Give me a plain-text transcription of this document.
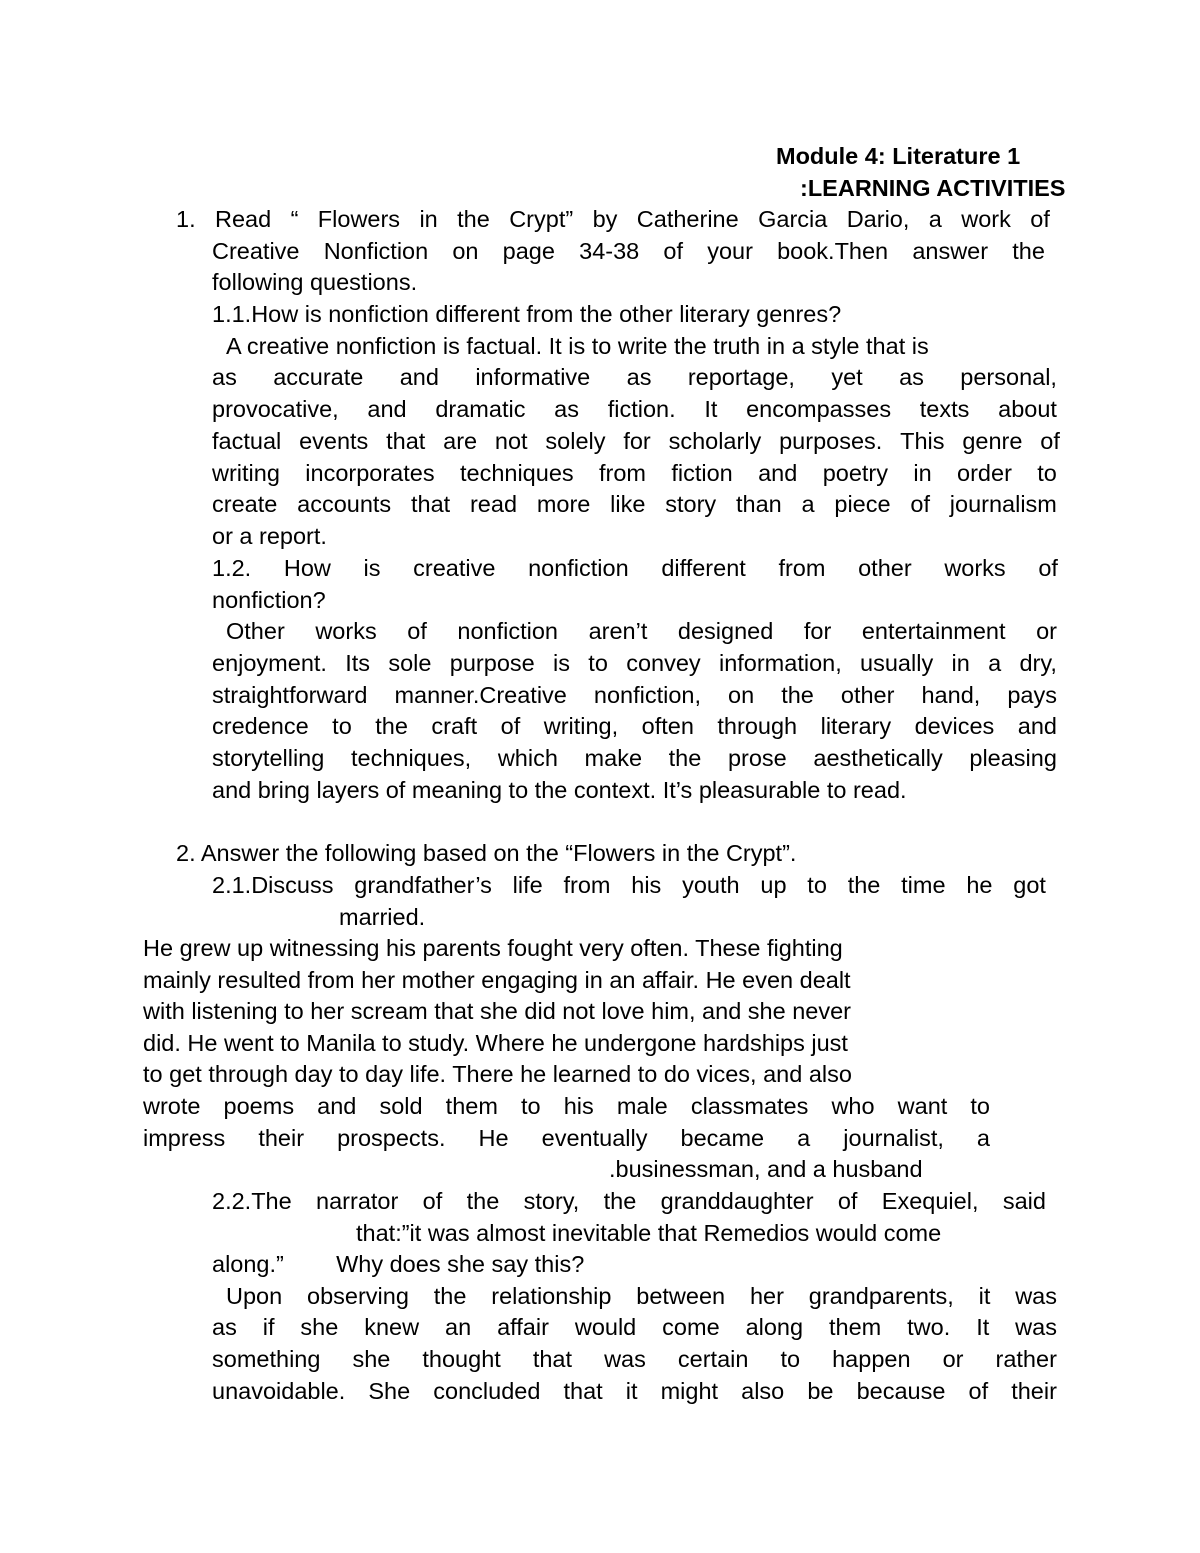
Module 4: Literature 1
:LEARNING ACTIVITIES
1. Read “ Flowers in the Crypt” by Catherine Garcia Dario, a work of
Creative Nonfiction on page 34-38 of your book.Then answer the
following questions.
1.1.How is nonfiction different from the other literary genres?
A creative nonfiction is factual. It is to write the truth in a style that is
as accurate and informative as reportage, yet as personal,
provocative, and dramatic as fiction. It encompasses texts about
factual events that are not solely for scholarly purposes. This genre of
writing incorporates techniques from fiction and poetry in order to
create accounts that read more like story than a piece of journalism
or a report.
1.2. How is creative nonfiction different from other works of
nonfiction?
Other works of nonfiction aren’t designed for entertainment or
enjoyment. Its sole purpose is to convey information, usually in a dry,
straightforward manner.Creative nonfiction, on the other hand, pays
credence to the craft of writing, often through literary devices and
storytelling techniques, which make the prose aesthetically pleasing
and bring layers of meaning to the context. It’s pleasurable to read.
2. Answer the following based on the “Flowers in the Crypt”.
2.1.Discuss grandfather’s life from his youth up to the time he got
married.
He grew up witnessing his parents fought very often. These fighting
mainly resulted from her mother engaging in an affair. He even dealt
with listening to her scream that she did not love him, and she never
did. He went to Manila to study. Where he undergone hardships just
to get through day to day life. There he learned to do vices, and also
wrote poems and sold them to his male classmates who want to
impress their prospects. He eventually became a journalist, a
.businessman, and a husband
2.2.The narrator of the story, the granddaughter of Exequiel, said
that:”it was almost inevitable that Remedios would come
along.”        Why does she say this?
Upon observing the relationship between her grandparents, it was
as if she knew an affair would come along them two. It was
something she thought that was certain to happen or rather
unavoidable. She concluded that it might also be because of their
